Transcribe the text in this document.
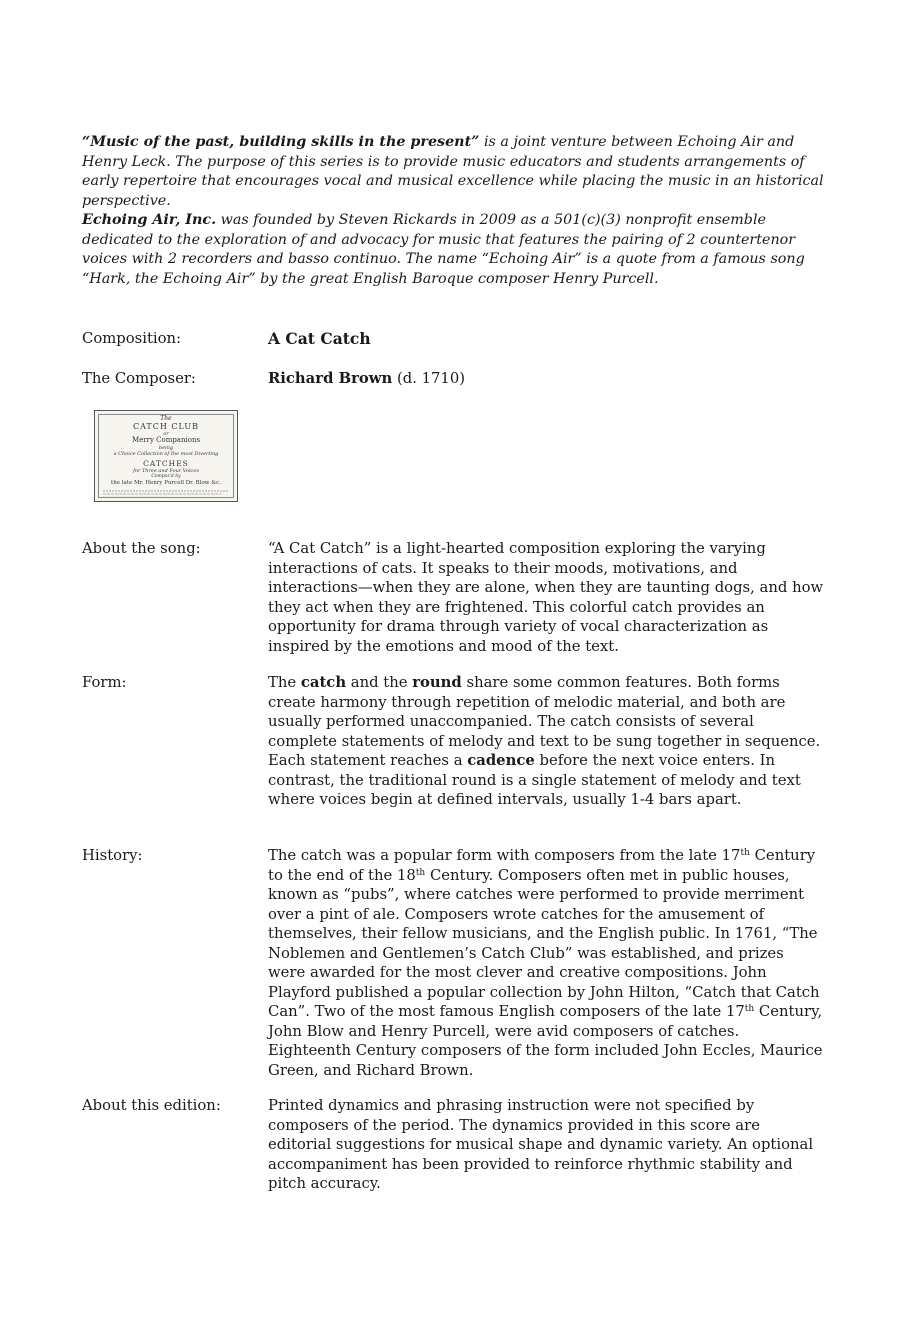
“Music of the past, building skills in the present” is a joint venture between Echoing Air and Henry Leck. The purpose of this series is to provide music educators and students arrangements of early repertoire that encourages vocal and musical excellence while placing the music in an historical perspective.
Echoing Air, Inc. was founded by Steven Rickards in 2009 as a 501(c)(3) nonprofit ensemble dedicated to the exploration of and advocacy for music that features the pairing of 2 countertenor voices with 2 recorders and basso continuo. The name “Echoing Air” is a quote from a famous song “Hark, the Echoing Air” by the great English Baroque composer Henry Purcell.
Composition:	A Cat Catch
The Composer:	Richard Brown (d. 1710)
The
CATCH CLUB
or
Merry Companions
being
a Choice Collection of the most Diverting
CATCHES
for Three and Four Voices
Compos'd by
the late Mr. Henry Purcell Dr. Blow &c.
About the song:	“A Cat Catch” is a light-hearted composition exploring the varying interactions of cats. It speaks to their moods, motivations, and interactions—when they are alone, when they are taunting dogs, and how they act when they are frightened. This colorful catch provides an opportunity for drama through variety of vocal characterization as inspired by the emotions and mood of the text.
Form:	The catch and the round share some common features. Both forms create harmony through repetition of melodic material, and both are usually performed unaccompanied. The catch consists of several complete statements of melody and text to be sung together in sequence. Each statement reaches a cadence before the next voice enters. In contrast, the traditional round is a single statement of melody and text where voices begin at defined intervals, usually 1-4 bars apart.
History:	The catch was a popular form with composers from the late 17th Century to the end of the 18th Century. Composers often met in public houses, known as “pubs”, where catches were performed to provide merriment over a pint of ale. Composers wrote catches for the amusement of themselves, their fellow musicians, and the English public. In 1761, “The Noblemen and Gentlemen’s Catch Club” was established, and prizes were awarded for the most clever and creative compositions. John Playford published a popular collection by John Hilton, “Catch that Catch Can”. Two of the most famous English composers of the late 17th Century, John Blow and Henry Purcell, were avid composers of catches. Eighteenth Century composers of the form included John Eccles, Maurice Green, and Richard Brown.
About this edition:	Printed dynamics and phrasing instruction were not specified by composers of the period. The dynamics provided in this score are editorial suggestions for musical shape and dynamic variety. An optional accompaniment has been provided to reinforce rhythmic stability and pitch accuracy.
